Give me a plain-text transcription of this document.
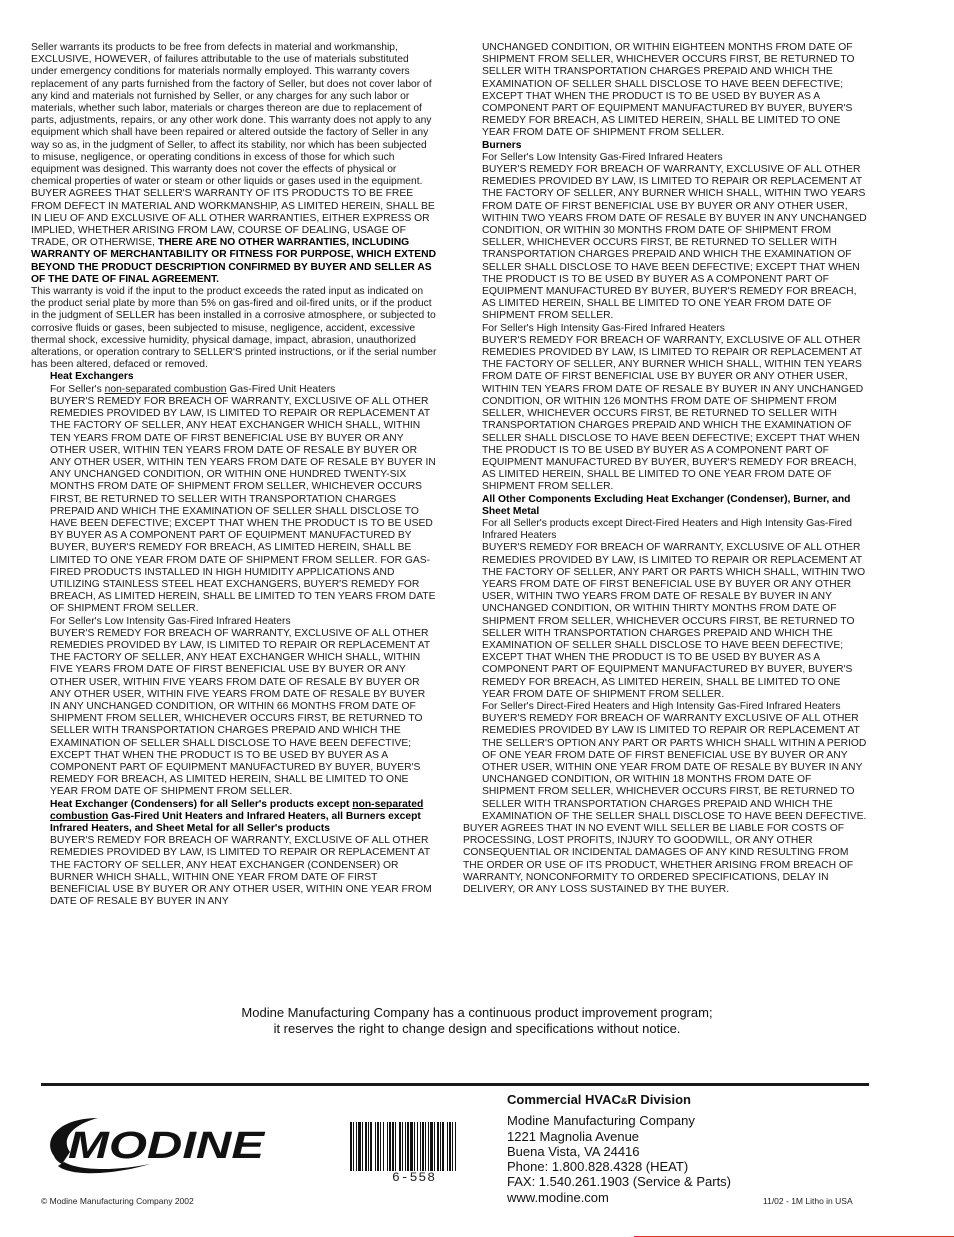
Seller warrants its products to be free from defects in material and workmanship, EXCLUSIVE, HOWEVER, of failures attributable to the use of materials substituted under emergency conditions for materials normally employed. This warranty covers replacement of any parts furnished from the factory of Seller, but does not cover labor of any kind and materials not furnished by Seller, or any charges for any such labor or materials, whether such labor, materials or charges thereon are due to replacement of parts, adjustments, repairs, or any other work done. This warranty does not apply to any equipment which shall have been repaired or altered outside the factory of Seller in any way so as, in the judgment of Seller, to affect its stability, nor which has been subjected to misuse, negligence, or operating conditions in excess of those for which such equipment was designed. This warranty does not cover the effects of physical or chemical properties of water or steam or other liquids or gases used in the equipment.

BUYER AGREES THAT SELLER'S WARRANTY OF ITS PRODUCTS TO BE FREE FROM DEFECT IN MATERIAL AND WORKMANSHIP, AS LIMITED HEREIN, SHALL BE IN LIEU OF AND EXCLUSIVE OF ALL OTHER WARRANTIES, EITHER EXPRESS OR IMPLIED, WHETHER ARISING FROM LAW, COURSE OF DEALING, USAGE OF TRADE, OR OTHERWISE, THERE ARE NO OTHER WARRANTIES, INCLUDING WARRANTY OF MERCHANTABILITY OR FITNESS FOR PURPOSE, WHICH EXTEND BEYOND THE PRODUCT DESCRIPTION CONFIRMED BY BUYER AND SELLER AS OF THE DATE OF FINAL AGREEMENT.

This warranty is void if the input to the product exceeds the rated input as indicated on the product serial plate by more than 5% on gas-fired and oil-fired units, or if the product in the judgment of SELLER has been installed in a corrosive atmosphere, or subjected to corrosive fluids or gases, been subjected to misuse, negligence, accident, excessive thermal shock, excessive humidity, physical damage, impact, abrasion, unauthorized alterations, or operation contrary to SELLER'S printed instructions, or if the serial number has been altered, defaced or removed.

Heat Exchangers

For Seller's non-separated combustion Gas-Fired Unit Heaters

BUYER'S REMEDY FOR BREACH OF WARRANTY, EXCLUSIVE OF ALL OTHER REMEDIES PROVIDED BY LAW, IS LIMITED TO REPAIR OR REPLACEMENT AT THE FACTORY OF SELLER, ANY HEAT EXCHANGER WHICH SHALL, WITHIN TEN YEARS FROM DATE OF FIRST BENEFICIAL USE BY BUYER OR ANY OTHER USER, WITHIN TEN YEARS FROM DATE OF RESALE BY BUYER OR ANY OTHER USER, WITHIN TEN YEARS FROM DATE OF RESALE BY BUYER IN ANY UNCHANGED CONDITION, OR WITHIN ONE HUNDRED TWENTY-SIX MONTHS FROM DATE OF SHIPMENT FROM SELLER, WHICHEVER OCCURS FIRST, BE RETURNED TO SELLER WITH TRANSPORTATION CHARGES PREPAID AND WHICH THE EXAMINATION OF SELLER SHALL DISCLOSE TO HAVE BEEN DEFECTIVE; EXCEPT THAT WHEN THE PRODUCT IS TO BE USED BY BUYER AS A COMPONENT PART OF EQUIPMENT MANUFACTURED BY BUYER, BUYER'S REMEDY FOR BREACH, AS LIMITED HEREIN, SHALL BE LIMITED TO ONE YEAR FROM DATE OF SHIPMENT FROM SELLER. FOR GAS-FIRED PRODUCTS INSTALLED IN HIGH HUMIDITY APPLICATIONS AND UTILIZING STAINLESS STEEL HEAT EXCHANGERS, BUYER'S REMEDY FOR BREACH, AS LIMITED HEREIN, SHALL BE LIMITED TO TEN YEARS FROM DATE OF SHIPMENT FROM SELLER.

For Seller's Low Intensity Gas-Fired Infrared Heaters

BUYER'S REMEDY FOR BREACH OF WARRANTY, EXCLUSIVE OF ALL OTHER REMEDIES PROVIDED BY LAW, IS LIMITED TO REPAIR OR REPLACEMENT AT THE FACTORY OF SELLER, ANY HEAT EXCHANGER WHICH SHALL, WITHIN FIVE YEARS FROM DATE OF FIRST BENEFICIAL USE BY BUYER OR ANY OTHER USER, WITHIN FIVE YEARS FROM DATE OF RESALE BY BUYER OR ANY OTHER USER, WITHIN FIVE YEARS FROM DATE OF RESALE BY BUYER IN ANY UNCHANGED CONDITION, OR WITHIN 66 MONTHS FROM DATE OF SHIPMENT FROM SELLER, WHICHEVER OCCURS FIRST, BE RETURNED TO SELLER WITH TRANSPORTATION CHARGES PREPAID AND WHICH THE EXAMINATION OF SELLER SHALL DISCLOSE TO HAVE BEEN DEFECTIVE; EXCEPT THAT WHEN THE PRODUCT IS TO BE USED BY BUYER AS A COMPONENT PART OF EQUIPMENT MANUFACTURED BY BUYER, BUYER'S REMEDY FOR BREACH, AS LIMITED HEREIN, SHALL BE LIMITED TO ONE YEAR FROM DATE OF SHIPMENT FROM SELLER.

Heat Exchanger (Condensers) for all Seller's products except non-separated combustion Gas-Fired Unit Heaters and Infrared Heaters, all Burners except Infrared Heaters, and Sheet Metal for all Seller's products

BUYER'S REMEDY FOR BREACH OF WARRANTY, EXCLUSIVE OF ALL OTHER REMEDIES PROVIDED BY LAW, IS LIMITED TO REPAIR OR REPLACEMENT AT THE FACTORY OF SELLER, ANY HEAT EXCHANGER (CONDENSER) OR BURNER WHICH SHALL, WITHIN ONE YEAR FROM DATE OF FIRST BENEFICIAL USE BY BUYER OR ANY OTHER USER, WITHIN ONE YEAR FROM DATE OF RESALE BY BUYER IN ANY

UNCHANGED CONDITION, OR WITHIN EIGHTEEN MONTHS FROM DATE OF SHIPMENT FROM SELLER, WHICHEVER OCCURS FIRST, BE RETURNED TO SELLER WITH TRANSPORTATION CHARGES PREPAID AND WHICH THE EXAMINATION OF SELLER SHALL DISCLOSE TO HAVE BEEN DEFECTIVE; EXCEPT THAT WHEN THE PRODUCT IS TO BE USED BY BUYER AS A COMPONENT PART OF EQUIPMENT MANUFACTURED BY BUYER, BUYER'S REMEDY FOR BREACH, AS LIMITED HEREIN, SHALL BE LIMITED TO ONE YEAR FROM DATE OF SHIPMENT FROM SELLER.

Burners

For Seller's Low Intensity Gas-Fired Infrared Heaters

BUYER'S REMEDY FOR BREACH OF WARRANTY, EXCLUSIVE OF ALL OTHER REMEDIES PROVIDED BY LAW, IS LIMITED TO REPAIR OR REPLACEMENT AT THE FACTORY OF SELLER, ANY BURNER WHICH SHALL, WITHIN TWO YEARS FROM DATE OF FIRST BENEFICIAL USE BY BUYER OR ANY OTHER USER, WITHIN TWO YEARS FROM DATE OF RESALE BY BUYER IN ANY UNCHANGED CONDITION, OR WITHIN 30 MONTHS FROM DATE OF SHIPMENT FROM SELLER, WHICHEVER OCCURS FIRST, BE RETURNED TO SELLER WITH TRANSPORTATION CHARGES PREPAID AND WHICH THE EXAMINATION OF SELLER SHALL DISCLOSE TO HAVE BEEN DEFECTIVE; EXCEPT THAT WHEN THE PRODUCT IS TO BE USED BY BUYER AS A COMPONENT PART OF EQUIPMENT MANUFACTURED BY BUYER, BUYER'S REMEDY FOR BREACH, AS LIMITED HEREIN, SHALL BE LIMITED TO ONE YEAR FROM DATE OF SHIPMENT FROM SELLER.

For Seller's High Intensity Gas-Fired Infrared Heaters

BUYER'S REMEDY FOR BREACH OF WARRANTY, EXCLUSIVE OF ALL OTHER REMEDIES PROVIDED BY LAW, IS LIMITED TO REPAIR OR REPLACEMENT AT THE FACTORY OF SELLER, ANY BURNER WHICH SHALL, WITHIN TEN YEARS FROM DATE OF FIRST BENEFICIAL USE BY BUYER OR ANY OTHER USER, WITHIN TEN YEARS FROM DATE OF RESALE BY BUYER IN ANY UNCHANGED CONDITION, OR WITHIN 126 MONTHS FROM DATE OF SHIPMENT FROM SELLER, WHICHEVER OCCURS FIRST, BE RETURNED TO SELLER WITH TRANSPORTATION CHARGES PREPAID AND WHICH THE EXAMINATION OF SELLER SHALL DISCLOSE TO HAVE BEEN DEFECTIVE; EXCEPT THAT WHEN THE PRODUCT IS TO BE USED BY BUYER AS A COMPONENT PART OF EQUIPMENT MANUFACTURED BY BUYER, BUYER'S REMEDY FOR BREACH, AS LIMITED HEREIN, SHALL BE LIMITED TO ONE YEAR FROM DATE OF SHIPMENT FROM SELLER.

All Other Components Excluding Heat Exchanger (Condenser), Burner, and Sheet Metal

For all Seller's products except Direct-Fired Heaters and High Intensity Gas-Fired Infrared Heaters

BUYER'S REMEDY FOR BREACH OF WARRANTY, EXCLUSIVE OF ALL OTHER REMEDIES PROVIDED BY LAW, IS LIMITED TO REPAIR OR REPLACEMENT AT THE FACTORY OF SELLER, ANY PART OR PARTS WHICH SHALL, WITHIN TWO YEARS FROM DATE OF FIRST BENEFICIAL USE BY BUYER OR ANY OTHER USER, WITHIN TWO YEARS FROM DATE OF RESALE BY BUYER IN ANY UNCHANGED CONDITION, OR WITHIN THIRTY MONTHS FROM DATE OF SHIPMENT FROM SELLER, WHICHEVER OCCURS FIRST, BE RETURNED TO SELLER WITH TRANSPORTATION CHARGES PREPAID AND WHICH THE EXAMINATION OF SELLER SHALL DISCLOSE TO HAVE BEEN DEFECTIVE; EXCEPT THAT WHEN THE PRODUCT IS TO BE USED BY BUYER AS A COMPONENT PART OF EQUIPMENT MANUFACTURED BY BUYER, BUYER'S REMEDY FOR BREACH, AS LIMITED HEREIN, SHALL BE LIMITED TO ONE YEAR FROM DATE OF SHIPMENT FROM SELLER.

For Seller's Direct-Fired Heaters and High Intensity Gas-Fired Infrared Heaters

BUYER'S REMEDY FOR BREACH OF WARRANTY EXCLUSIVE OF ALL OTHER REMEDIES PROVIDED BY LAW IS LIMITED TO REPAIR OR REPLACEMENT AT THE SELLER'S OPTION ANY PART OR PARTS WHICH SHALL WITHIN A PERIOD OF ONE YEAR FROM DATE OF FIRST BENEFICIAL USE BY BUYER OR ANY OTHER USER, WITHIN ONE YEAR FROM DATE OF RESALE BY BUYER IN ANY UNCHANGED CONDITION, OR WITHIN 18 MONTHS FROM DATE OF SHIPMENT FROM SELLER, WHICHEVER OCCURS FIRST, BE RETURNED TO SELLER WITH TRANSPORTATION CHARGES PREPAID AND WHICH THE EXAMINATION OF THE SELLER SHALL DISCLOSE TO HAVE BEEN DEFECTIVE.

BUYER AGREES THAT IN NO EVENT WILL SELLER BE LIABLE FOR COSTS OF PROCESSING, LOST PROFITS, INJURY TO GOODWILL, OR ANY OTHER CONSEQUENTIAL OR INCIDENTAL DAMAGES OF ANY KIND RESULTING FROM THE ORDER OR USE OF ITS PRODUCT, WHETHER ARISING FROM BREACH OF WARRANTY, NONCONFORMITY TO ORDERED SPECIFICATIONS, DELAY IN DELIVERY, OR ANY LOSS SUSTAINED BY THE BUYER.

Modine Manufacturing Company has a continuous product improvement program;
it reserves the right to change design and specifications without notice.
MODINE
6-558
Commercial HVAC&R Division
Modine Manufacturing Company
1221 Magnolia Avenue
Buena Vista, VA 24416
Phone: 1.800.828.4328 (HEAT)
FAX: 1.540.261.1903 (Service & Parts)
www.modine.com
© Modine Manufacturing Company 2002	11/02 - 1M Litho in USA
